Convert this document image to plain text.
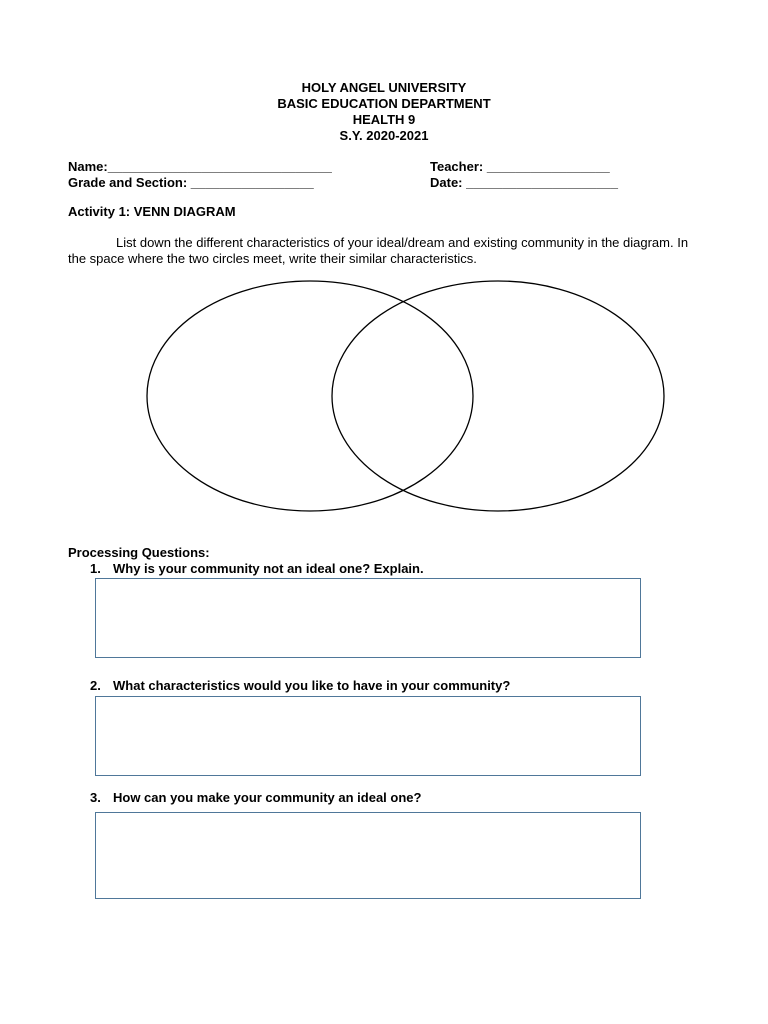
HOLY ANGEL UNIVERSITY
BASIC EDUCATION DEPARTMENT
HEALTH 9
S.Y. 2020-2021
Name:_______________________________	Teacher: _________________
Grade and Section: _________________	Date: _____________________
Activity 1: VENN DIAGRAM
List down the different characteristics of your ideal/dream and existing community in the diagram. In the space where the two circles meet, write their similar characteristics.
Processing Questions:
1. Why is your community not an ideal one? Explain.
2. What characteristics would you like to have in your community?
3. How can you make your community an ideal one?
